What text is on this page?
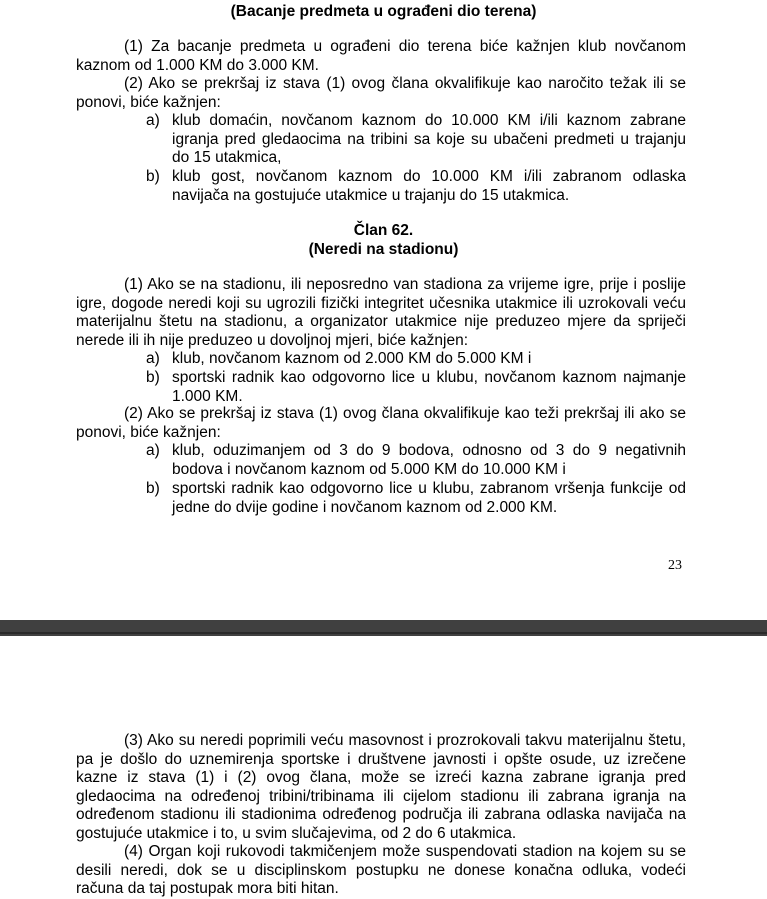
(Bacanje predmeta u ograđeni dio terena)
(1) Za bacanje predmeta u ograđeni dio terena biće kažnjen klub novčanom
kaznom od 1.000 KM do 3.000 KM.
(2) Ako se prekršaj iz stava (1) ovog člana okvalifikuje kao naročito težak ili se
ponovi, biće kažnjen:
a) klub domaćin, novčanom kaznom do 10.000 KM i/ili kaznom zabrane
igranja pred gledaocima na tribini sa koje su ubačeni predmeti u trajanju
do 15 utakmica,
b) klub gost, novčanom kaznom do 10.000 KM i/ili zabranom odlaska
navijača na gostujuće utakmice u trajanju do 15 utakmica.
Član 62.
(Neredi na stadionu)
(1) Ako se na stadionu, ili neposredno van stadiona za vrijeme igre, prije i poslije
igre, dogode neredi koji su ugrozili fizički integritet učesnika utakmice ili uzrokovali veću
materijalnu štetu na stadionu, a organizator utakmice nije preduzeo mjere da spriječi
nerede ili ih nije preduzeo u dovoljnoj mjeri, biće kažnjen:
a) klub, novčanom kaznom od 2.000 KM do 5.000 KM i
b) sportski radnik kao odgovorno lice u klubu, novčanom kaznom najmanje
1.000 KM.
(2) Ako se prekršaj iz stava (1) ovog člana okvalifikuje kao teži prekršaj ili ako se
ponovi, biće kažnjen:
a) klub, oduzimanjem od 3 do 9 bodova, odnosno od 3 do 9 negativnih
bodova i novčanom kaznom od 5.000 KM do 10.000 KM i
b) sportski radnik kao odgovorno lice u klubu, zabranom vršenja funkcije od
jedne do dvije godine i novčanom kaznom od 2.000 KM.
23
(3) Ako su neredi poprimili veću masovnost i prozrokovali takvu materijalnu štetu,
pa je došlo do uznemirenja sportske i društvene javnosti i opšte osude, uz izrečene
kazne iz stava (1) i (2) ovog člana, može se izreći kazna zabrane igranja pred
gledaocima na određenoj tribini/tribinama ili cijelom stadionu ili zabrana igranja na
određenom stadionu ili stadionima određenog područja ili zabrana odlaska navijača na
gostujuće utakmice i to, u svim slučajevima, od 2 do 6 utakmica.
(4) Organ koji rukovodi takmičenjem može suspendovati stadion na kojem su se
desili neredi, dok se u disciplinskom postupku ne donese konačna odluka, vodeći
računa da taj postupak mora biti hitan.
